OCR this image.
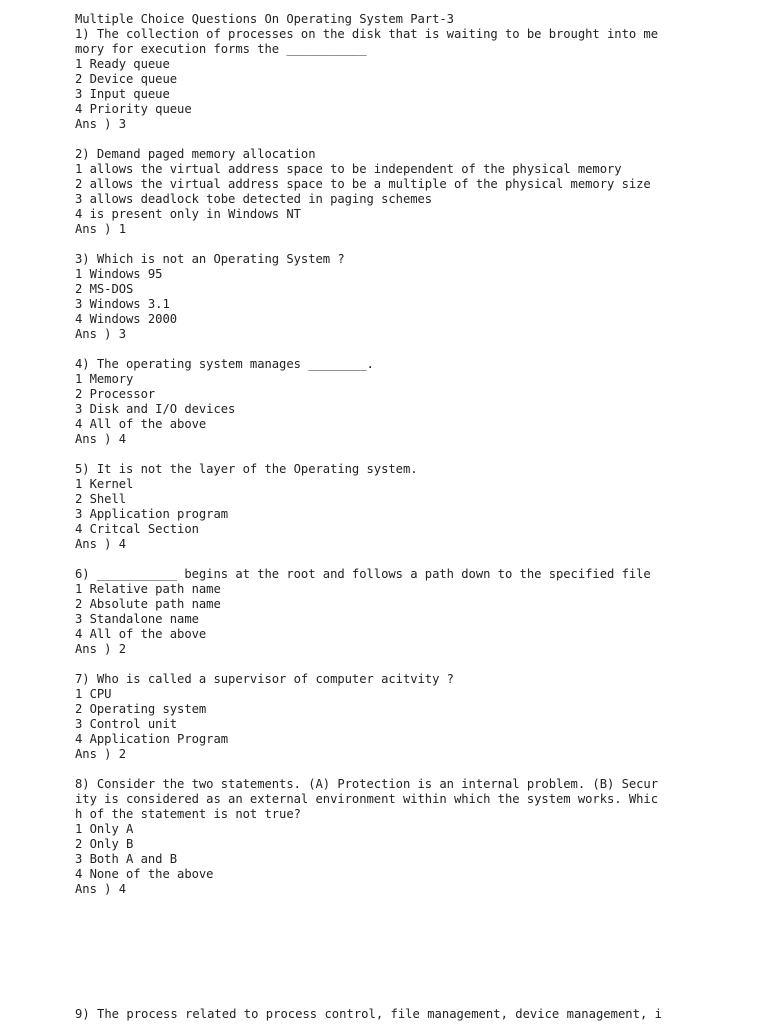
Multiple Choice Questions On Operating System Part-3
1) The collection of processes on the disk that is waiting to be brought into me
mory for execution forms the ___________
1 Ready queue
2 Device queue
3 Input queue
4 Priority queue
Ans ) 3
2) Demand paged memory allocation
1 allows the virtual address space to be independent of the physical memory
2 allows the virtual address space to be a multiple of the physical memory size
3 allows deadlock tobe detected in paging schemes
4 is present only in Windows NT
Ans ) 1
3) Which is not an Operating System ?
1 Windows 95
2 MS-DOS
3 Windows 3.1
4 Windows 2000
Ans ) 3
4) The operating system manages ________.
1 Memory
2 Processor
3 Disk and I/O devices
4 All of the above
Ans ) 4
5) It is not the layer of the Operating system.
1 Kernel
2 Shell
3 Application program
4 Critcal Section
Ans ) 4
6) ___________ begins at the root and follows a path down to the specified file
1 Relative path name
2 Absolute path name
3 Standalone name
4 All of the above
Ans ) 2
7) Who is called a supervisor of computer acitvity ?
1 CPU
2 Operating system
3 Control unit
4 Application Program
Ans ) 2
8) Consider the two statements. (A) Protection is an internal problem. (B) Secur
ity is considered as an external environment within which the system works. Whic
h of the statement is not true?
1 Only A
2 Only B
3 Both A and B
4 None of the above
Ans ) 4
9) The process related to process control, file management, device management, i
